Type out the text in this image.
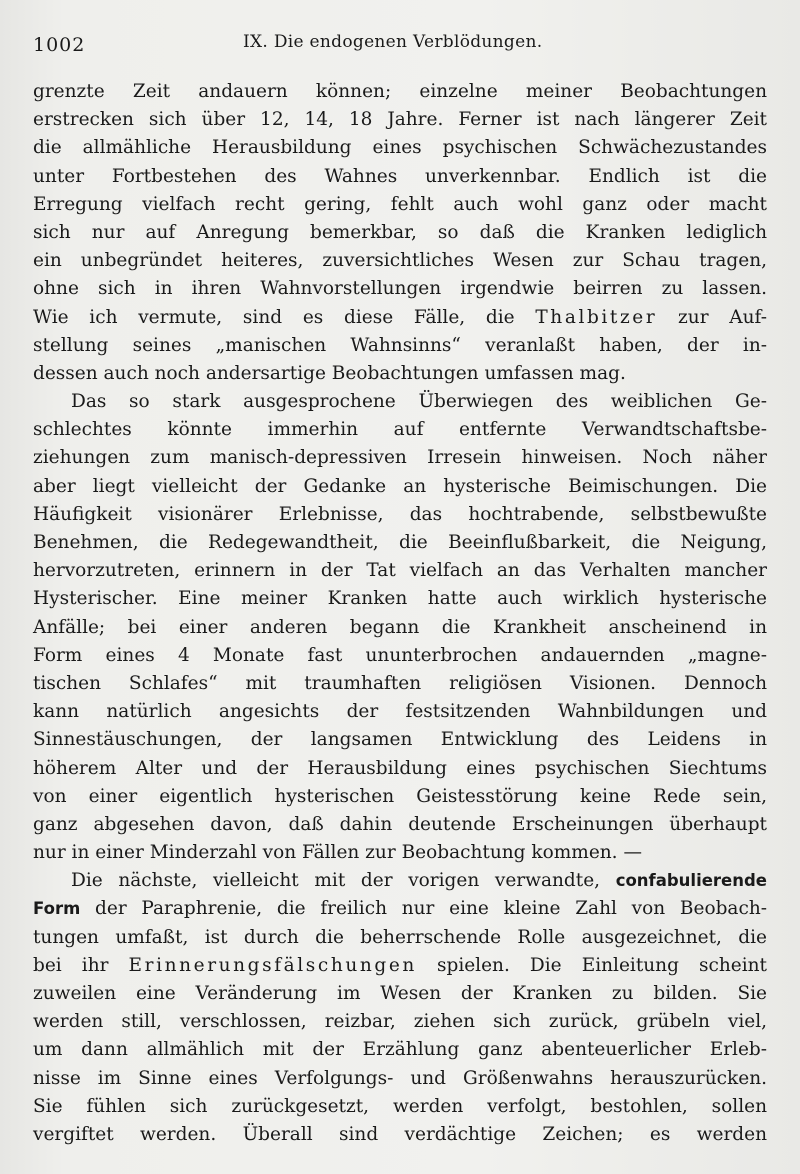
1002	IX. Die endogenen Verblödungen.
grenzte Zeit andauern können; einzelne meiner Beobachtungen
erstrecken sich über 12, 14, 18 Jahre. Ferner ist nach längerer Zeit
die allmähliche Herausbildung eines psychischen Schwächezustandes
unter Fortbestehen des Wahnes unverkennbar. Endlich ist die
Erregung vielfach recht gering, fehlt auch wohl ganz oder macht
sich nur auf Anregung bemerkbar, so daß die Kranken lediglich
ein unbegründet heiteres, zuversichtliches Wesen zur Schau tragen,
ohne sich in ihren Wahnvorstellungen irgendwie beirren zu lassen.
Wie ich vermute, sind es diese Fälle, die Thalbitzer zur Auf-
stellung seines „manischen Wahnsinns“ veranlaßt haben, der in-
dessen auch noch andersartige Beobachtungen umfassen mag.
Das so stark ausgesprochene Überwiegen des weiblichen Ge-
schlechtes könnte immerhin auf entfernte Verwandtschaftsbe-
ziehungen zum manisch-depressiven Irresein hinweisen. Noch näher
aber liegt vielleicht der Gedanke an hysterische Beimischungen. Die
Häufigkeit visionärer Erlebnisse, das hochtrabende, selbstbewußte
Benehmen, die Redegewandtheit, die Beeinflußbarkeit, die Neigung,
hervorzutreten, erinnern in der Tat vielfach an das Verhalten mancher
Hysterischer. Eine meiner Kranken hatte auch wirklich hysterische
Anfälle; bei einer anderen begann die Krankheit anscheinend in
Form eines 4 Monate fast ununterbrochen andauernden „magne-
tischen Schlafes“ mit traumhaften religiösen Visionen. Dennoch
kann natürlich angesichts der festsitzenden Wahnbildungen und
Sinnestäuschungen, der langsamen Entwicklung des Leidens in
höherem Alter und der Herausbildung eines psychischen Siechtums
von einer eigentlich hysterischen Geistesstörung keine Rede sein,
ganz abgesehen davon, daß dahin deutende Erscheinungen überhaupt
nur in einer Minderzahl von Fällen zur Beobachtung kommen. —
Die nächste, vielleicht mit der vorigen verwandte, confabulierende
Form der Paraphrenie, die freilich nur eine kleine Zahl von Beobach-
tungen umfaßt, ist durch die beherrschende Rolle ausgezeichnet, die
bei ihr Erinnerungsfälschungen spielen. Die Einleitung scheint
zuweilen eine Veränderung im Wesen der Kranken zu bilden. Sie
werden still, verschlossen, reizbar, ziehen sich zurück, grübeln viel,
um dann allmählich mit der Erzählung ganz abenteuerlicher Erleb-
nisse im Sinne eines Verfolgungs- und Größenwahns herauszurücken.
Sie fühlen sich zurückgesetzt, werden verfolgt, bestohlen, sollen
vergiftet werden. Überall sind verdächtige Zeichen; es werden
